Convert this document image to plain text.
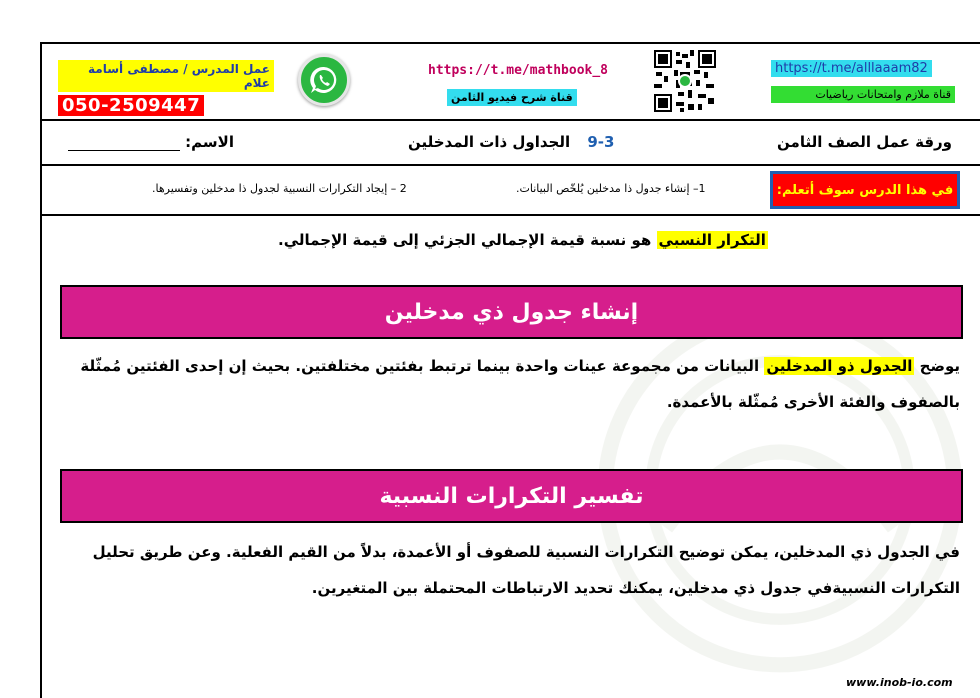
عمل المدرس / مصطفى أسامة علام
050-2509447
https://t.me/mathbook_8
قناة شرح فيديو الثامن
https://t.me/alllaaam82
قناة ملازم وامتحانات رياضيات
ورقة عمل الصف الثامن
9-3 الجداول ذات المدخلين
الاسم:
في هذا الدرس سوف أتعلم:
1– إنشاء جدول ذا مدخلين يُلخّص البيانات.
2 – إيجاد التكرارات النسبية لجدول ذا مدخلين وتفسيرها.
التكرار النسبي هو نسبة قيمة الإجمالي الجزئي إلى قيمة الإجمالي.
إنشاء جدول ذي مدخلين
يوضح الجدول ذو المدخلين البيانات من مجموعة عينات واحدة بينما ترتبط بفئتين مختلفتين. بحيث إن إحدى الفئتين مُمثّلة بالصفوف والفئة الأخرى مُمثّلة بالأعمدة.
تفسير التكرارات النسبية
في الجدول ذي المدخلين، يمكن توضيح التكرارات النسبية للصفوف أو الأعمدة، بدلاً من القيم الفعلية. وعن طريق تحليل التكرارات النسبيةفي جدول ذي مدخلين، يمكنك تحديد الارتباطات المحتملة بين المتغيرين.
www.inob-io.com
